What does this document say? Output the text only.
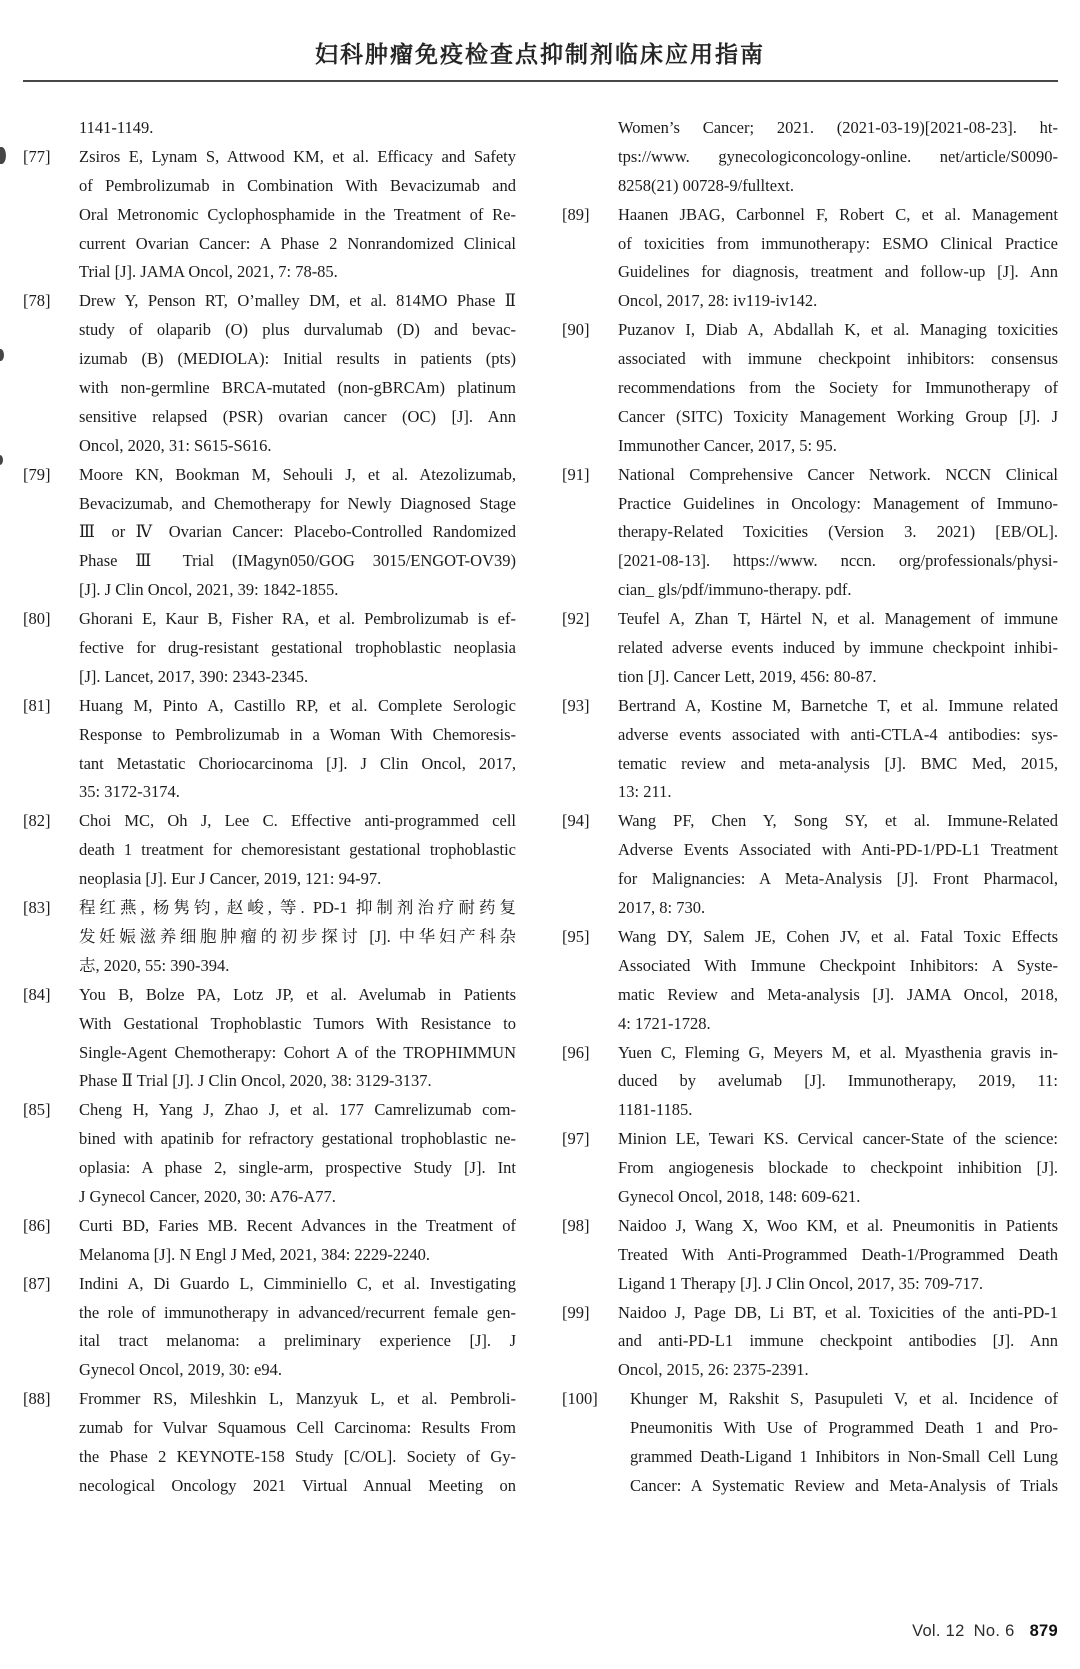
妇科肿瘤免疫检查点抑制剂临床应用指南
1141-1149.
[77] Zsiros E, Lynam S, Attwood KM, et al. Efficacy and Safety
of Pembrolizumab in Combination With Bevacizumab and
Oral Metronomic Cyclophosphamide in the Treatment of Re-
current Ovarian Cancer: A Phase 2 Nonrandomized Clinical
Trial [J]. JAMA Oncol, 2021, 7: 78-85.
[78] Drew Y, Penson RT, O’malley DM, et al. 814MO Phase Ⅱ
study of olaparib (O) plus durvalumab (D) and bevac-
izumab (B) (MEDIOLA): Initial results in patients (pts)
with non-germline BRCA-mutated (non-gBRCAm) platinum
sensitive relapsed (PSR) ovarian cancer (OC) [J]. Ann
Oncol, 2020, 31: S615-S616.
[79] Moore KN, Bookman M, Sehouli J, et al. Atezolizumab,
Bevacizumab, and Chemotherapy for Newly Diagnosed Stage
Ⅲ or Ⅳ Ovarian Cancer: Placebo-Controlled Randomized
Phase Ⅲ Trial (IMagyn050/GOG 3015/ENGOT-OV39)
[J]. J Clin Oncol, 2021, 39: 1842-1855.
[80] Ghorani E, Kaur B, Fisher RA, et al. Pembrolizumab is ef-
fective for drug-resistant gestational trophoblastic neoplasia
[J]. Lancet, 2017, 390: 2343-2345.
[81] Huang M, Pinto A, Castillo RP, et al. Complete Serologic
Response to Pembrolizumab in a Woman With Chemoresis-
tant Metastatic Choriocarcinoma [J]. J Clin Oncol, 2017,
35: 3172-3174.
[82] Choi MC, Oh J, Lee C. Effective anti-programmed cell
death 1 treatment for chemoresistant gestational trophoblastic
neoplasia [J]. Eur J Cancer, 2019, 121: 94-97.
[83] 程红燕, 杨隽钧, 赵峻, 等. PD-1 抑制剂治疗耐药复
发妊娠滋养细胞肿瘤的初步探讨 [J]. 中华妇产科杂
志, 2020, 55: 390-394.
[84] You B, Bolze PA, Lotz JP, et al. Avelumab in Patients
With Gestational Trophoblastic Tumors With Resistance to
Single-Agent Chemotherapy: Cohort A of the TROPHIMMUN
Phase Ⅱ Trial [J]. J Clin Oncol, 2020, 38: 3129-3137.
[85] Cheng H, Yang J, Zhao J, et al. 177 Camrelizumab com-
bined with apatinib for refractory gestational trophoblastic ne-
oplasia: A phase 2, single-arm, prospective Study [J]. Int
J Gynecol Cancer, 2020, 30: A76-A77.
[86] Curti BD, Faries MB. Recent Advances in the Treatment of
Melanoma [J]. N Engl J Med, 2021, 384: 2229-2240.
[87] Indini A, Di Guardo L, Cimminiello C, et al. Investigating
the role of immunotherapy in advanced/recurrent female gen-
ital tract melanoma: a preliminary experience [J]. J
Gynecol Oncol, 2019, 30: e94.
[88] Frommer RS, Mileshkin L, Manzyuk L, et al. Pembroli-
zumab for Vulvar Squamous Cell Carcinoma: Results From
the Phase 2 KEYNOTE-158 Study [C/OL]. Society of Gy-
necological Oncology 2021 Virtual Annual Meeting on
Women’s Cancer; 2021. (2021-03-19)[2021-08-23]. ht-
tps://www. gynecologiconcology-online. net/article/S0090-
8258(21) 00728-9/fulltext.
[89] Haanen JBAG, Carbonnel F, Robert C, et al. Management
of toxicities from immunotherapy: ESMO Clinical Practice
Guidelines for diagnosis, treatment and follow-up [J]. Ann
Oncol, 2017, 28: iv119-iv142.
[90] Puzanov I, Diab A, Abdallah K, et al. Managing toxicities
associated with immune checkpoint inhibitors: consensus
recommendations from the Society for Immunotherapy of
Cancer (SITC) Toxicity Management Working Group [J]. J
Immunother Cancer, 2017, 5: 95.
[91] National Comprehensive Cancer Network. NCCN Clinical
Practice Guidelines in Oncology: Management of Immuno-
therapy-Related Toxicities (Version 3. 2021) [EB/OL].
[2021-08-13]. https://www. nccn. org/professionals/physi-
cian_ gls/pdf/immuno-therapy. pdf.
[92] Teufel A, Zhan T, Härtel N, et al. Management of immune
related adverse events induced by immune checkpoint inhibi-
tion [J]. Cancer Lett, 2019, 456: 80-87.
[93] Bertrand A, Kostine M, Barnetche T, et al. Immune related
adverse events associated with anti-CTLA-4 antibodies: sys-
tematic review and meta-analysis [J]. BMC Med, 2015,
13: 211.
[94] Wang PF, Chen Y, Song SY, et al. Immune-Related
Adverse Events Associated with Anti-PD-1/PD-L1 Treatment
for Malignancies: A Meta-Analysis [J]. Front Pharmacol,
2017, 8: 730.
[95] Wang DY, Salem JE, Cohen JV, et al. Fatal Toxic Effects
Associated With Immune Checkpoint Inhibitors: A Syste-
matic Review and Meta-analysis [J]. JAMA Oncol, 2018,
4: 1721-1728.
[96] Yuen C, Fleming G, Meyers M, et al. Myasthenia gravis in-
duced by avelumab [J]. Immunotherapy, 2019, 11:
1181-1185.
[97] Minion LE, Tewari KS. Cervical cancer-State of the science:
From angiogenesis blockade to checkpoint inhibition [J].
Gynecol Oncol, 2018, 148: 609-621.
[98] Naidoo J, Wang X, Woo KM, et al. Pneumonitis in Patients
Treated With Anti-Programmed Death-1/Programmed Death
Ligand 1 Therapy [J]. J Clin Oncol, 2017, 35: 709-717.
[99] Naidoo J, Page DB, Li BT, et al. Toxicities of the anti-PD-1
and anti-PD-L1 immune checkpoint antibodies [J]. Ann
Oncol, 2015, 26: 2375-2391.
[100] Khunger M, Rakshit S, Pasupuleti V, et al. Incidence of
Pneumonitis With Use of Programmed Death 1 and Pro-
grammed Death-Ligand 1 Inhibitors in Non-Small Cell Lung
Cancer: A Systematic Review and Meta-Analysis of Trials
Vol. 12 No. 6 879
